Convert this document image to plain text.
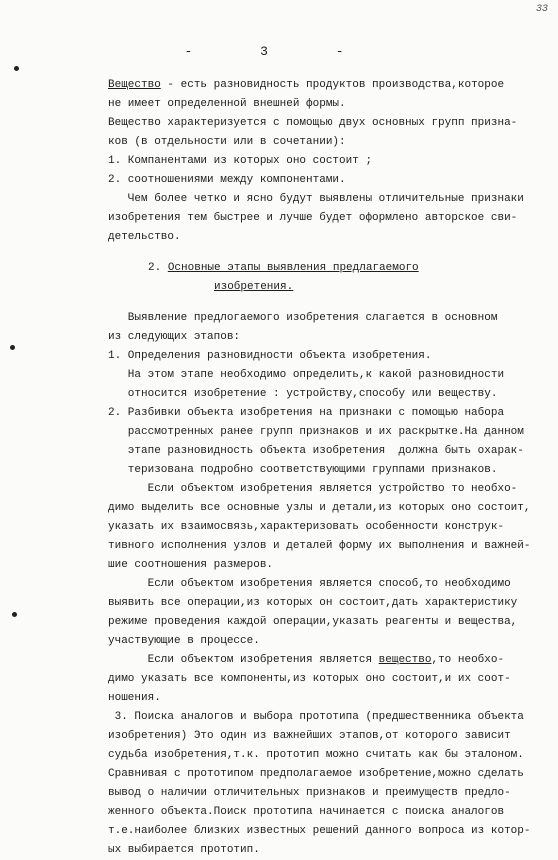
33
- 3 -
Вещество - есть разновидность продуктов производства,которое
не имеет определенной внешней формы.
Вещество характеризуется с помощью двух основных групп призна-
ков (в отдельности или в сочетании):
1. Компанентами из которых оно состоит ;
2. соотношениями между компонентами.
Чем более четко и ясно будут выявлены отличительные признаки
изобретения тем быстрее и лучше будет оформлено авторское сви-
детельство.
2. Основные этапы выявления предлагаемого
изобретения.
Выявление предлогаемого изобретения слагается в основном
из следующих этапов:
1. Определения разновидности объекта изобретения.
На этом этапе необходимо определить,к какой разновидности
относится изобретение : устройству,способу или веществу.
2. Разбивки объекта изобретения на признаки с помощью набора
рассмотренных ранее групп признаков и их раскрытке.На данном
этапе разновидность объекта изобретения  должна быть охарак-
теризована подробно соответствующими группами признаков.
Если объектом изобретения является устройство то необхо-
димо выделить все основные узлы и детали,из которых оно состоит,
указать их взаимосвязь,характеризовать особенности конструк-
тивного исполнения узлов и деталей форму их выполнения и важней-
шие соотношения размеров.
Если объектом изобретения является способ,то необходимо
выявить все операции,из которых он состоит,дать характеристику
режиме проведения каждой операции,указать реагенты и вещества,
участвующие в процессе.
Если объектом изобретения является вещество,то необхо-
димо указать все компоненты,из которых оно состоит,и их соот-
ношения.
3. Поиска аналогов и выбора прототипа (предшественника объекта
изобретения) Это один из важнейших этапов,от которого зависит
судьба изобретения,т.к. прототип можно считать как бы эталоном.
Сравнивая с прототипом предполагаемое изобретение,можно сделать
вывод о наличии отличительных признаков и преимуществ предло-
женного объекта.Поиск прототипа начинается с поиска аналогов
т.е.наиболее близких известных решений данного вопроса из котор-
ых выбирается прототип.
